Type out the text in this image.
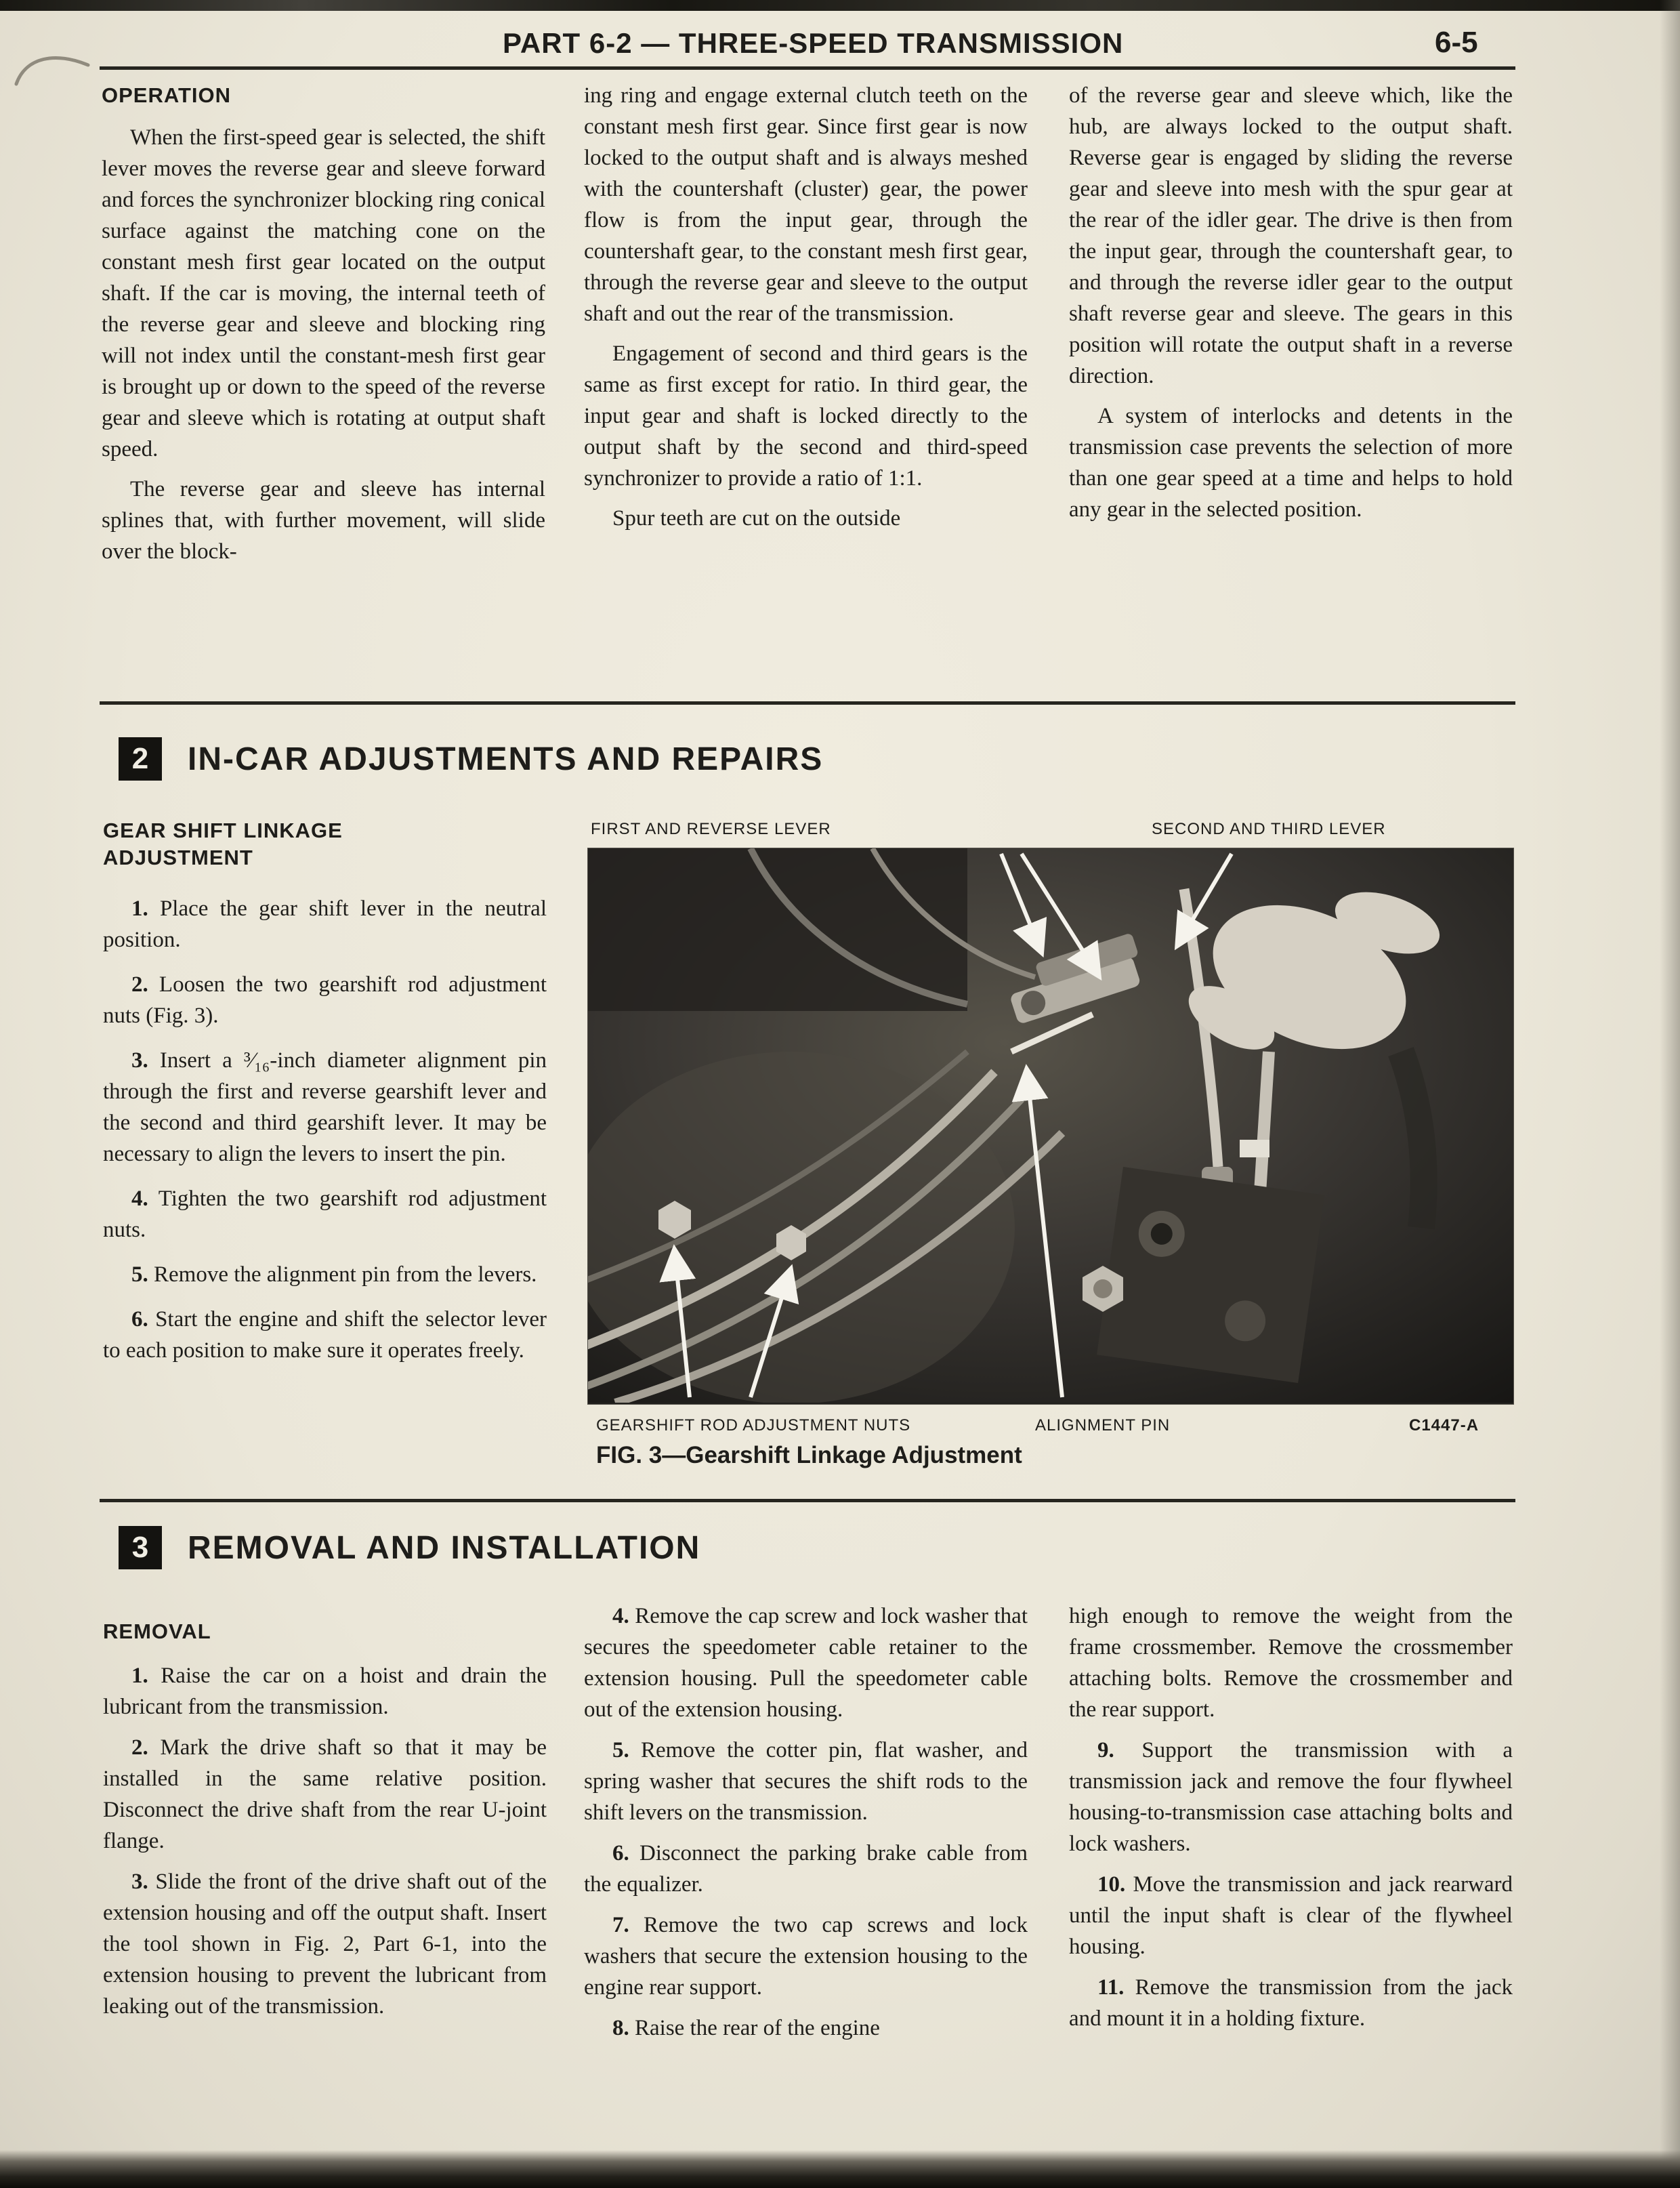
PART 6-2 — THREE-SPEED TRANSMISSION	6-5
OPERATION

When the first-speed gear is selected, the shift lever moves the reverse gear and sleeve forward and forces the synchronizer blocking ring conical surface against the matching cone on the constant mesh first gear located on the output shaft. If the car is moving, the internal teeth of the reverse gear and sleeve and blocking ring will not index until the constant-mesh first gear is brought up or down to the speed of the reverse gear and sleeve which is rotating at output shaft speed.

The reverse gear and sleeve has internal splines that, with further movement, will slide over the block-

ing ring and engage external clutch teeth on the constant mesh first gear. Since first gear is now locked to the output shaft and is always meshed with the countershaft (cluster) gear, the power flow is from the input gear, through the countershaft gear, to the constant mesh first gear, through the reverse gear and sleeve to the output shaft and out the rear of the transmission.

Engagement of second and third gears is the same as first except for ratio. In third gear, the input gear and shaft is locked directly to the output shaft by the second and third-speed synchronizer to provide a ratio of 1:1.

Spur teeth are cut on the outside

of the reverse gear and sleeve which, like the hub, are always locked to the output shaft. Reverse gear is engaged by sliding the reverse gear and sleeve into mesh with the spur gear at the rear of the idler gear. The drive is then from the input gear, through the countershaft gear, to and through the reverse idler gear to the output shaft reverse gear and sleeve. The gears in this position will rotate the output shaft in a reverse direction.

A system of interlocks and detents in the transmission case prevents the selection of more than one gear speed at a time and helps to hold any gear in the selected position.

2	IN-CAR ADJUSTMENTS AND REPAIRS
GEAR SHIFT LINKAGE
ADJUSTMENT

1. Place the gear shift lever in the neutral position.

2. Loosen the two gearshift rod adjustment nuts (Fig. 3).

3. Insert a ³⁄₁₆-inch diameter alignment pin through the first and reverse gearshift lever and the second and third gearshift lever. It may be necessary to align the levers to insert the pin.

4. Tighten the two gearshift rod adjustment nuts.

5. Remove the alignment pin from the levers.

6. Start the engine and shift the selector lever to each position to make sure it operates freely.

FIRST AND REVERSE LEVER	SECOND AND THIRD LEVER
GEARSHIFT ROD ADJUSTMENT NUTS	ALIGNMENT PIN	C1447-A
FIG. 3—Gearshift Linkage Adjustment
3	REMOVAL AND INSTALLATION
REMOVAL

1. Raise the car on a hoist and drain the lubricant from the transmission.

2. Mark the drive shaft so that it may be installed in the same relative position. Disconnect the drive shaft from the rear U-joint flange.

3. Slide the front of the drive shaft out of the extension housing and off the output shaft. Insert the tool shown in Fig. 2, Part 6-1, into the extension housing to prevent the lubricant from leaking out of the transmission.

4. Remove the cap screw and lock washer that secures the speedometer cable retainer to the extension housing. Pull the speedometer cable out of the extension housing.

5. Remove the cotter pin, flat washer, and spring washer that secures the shift rods to the shift levers on the transmission.

6. Disconnect the parking brake cable from the equalizer.

7. Remove the two cap screws and lock washers that secure the extension housing to the engine rear support.

8. Raise the rear of the engine

high enough to remove the weight from the frame crossmember. Remove the crossmember attaching bolts. Remove the crossmember and the rear support.

9. Support the transmission with a transmission jack and remove the four flywheel housing-to-transmission case attaching bolts and lock washers.

10. Move the transmission and jack rearward until the input shaft is clear of the flywheel housing.

11. Remove the transmission from the jack and mount it in a holding fixture.
